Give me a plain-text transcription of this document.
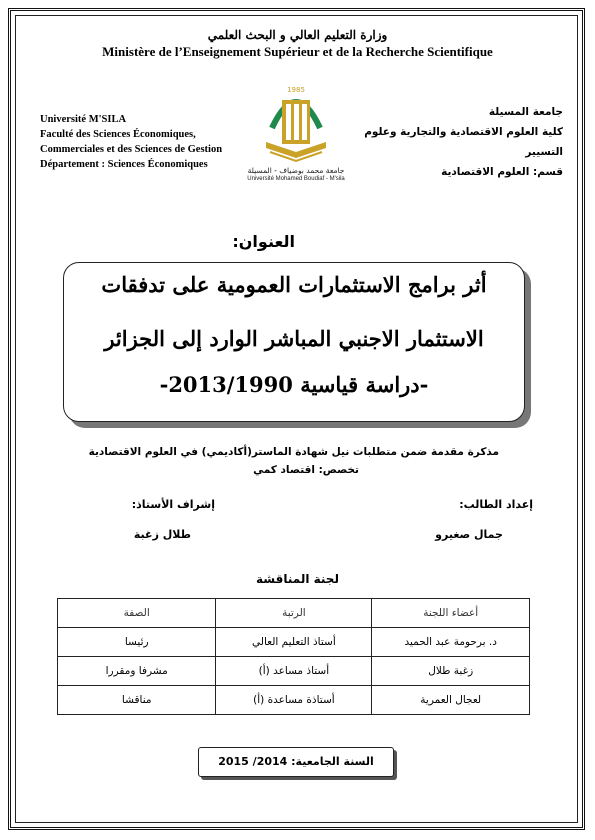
وزارة التعليم العالي و البحث العلمي
Ministère de l’Enseignement Supérieur et de la Recherche Scientifique
Université M'SILA
Faculté des Sciences Économiques,
Commerciales et des Sciences de Gestion
Département : Sciences Économiques
جامعة المسيلة
كلية العلوم الاقتصادية والتجارية وعلوم التسيير
قسم: العلوم الاقتصادية
1985
جامعة محمد بوضياف - المسيلة
Université Mohamed Boudiaf - M'sila
العنوان:
أثر برامج الاستثمارات العمومية على تدفقات
الاستثمار الاجنبي المباشر الوارد إلى الجزائر
-دراسة قياسية 2013/1990-
مذكرة مقدمة ضمن متطلبات نيل شهادة الماستر(أكاديمي) في العلوم الاقتصادية
تخصص: اقتصاد كمي
إعداد الطالب:
إشراف الأستاذ:
جمال صغيرو
طلال زغبة
لجنة المناقشة
أعضاء اللجنة	الرتبة	الصفة
د. برحومة عبد الحميد	أستاذ التعليم العالي	رئيسا
زغبة طلال	أستاذ مساعد (أ)	مشرفا ومقررا
لعجال العمرية	أستاذة مساعدة (أ)	مناقشا
السنة الجامعية: 2014/ 2015
